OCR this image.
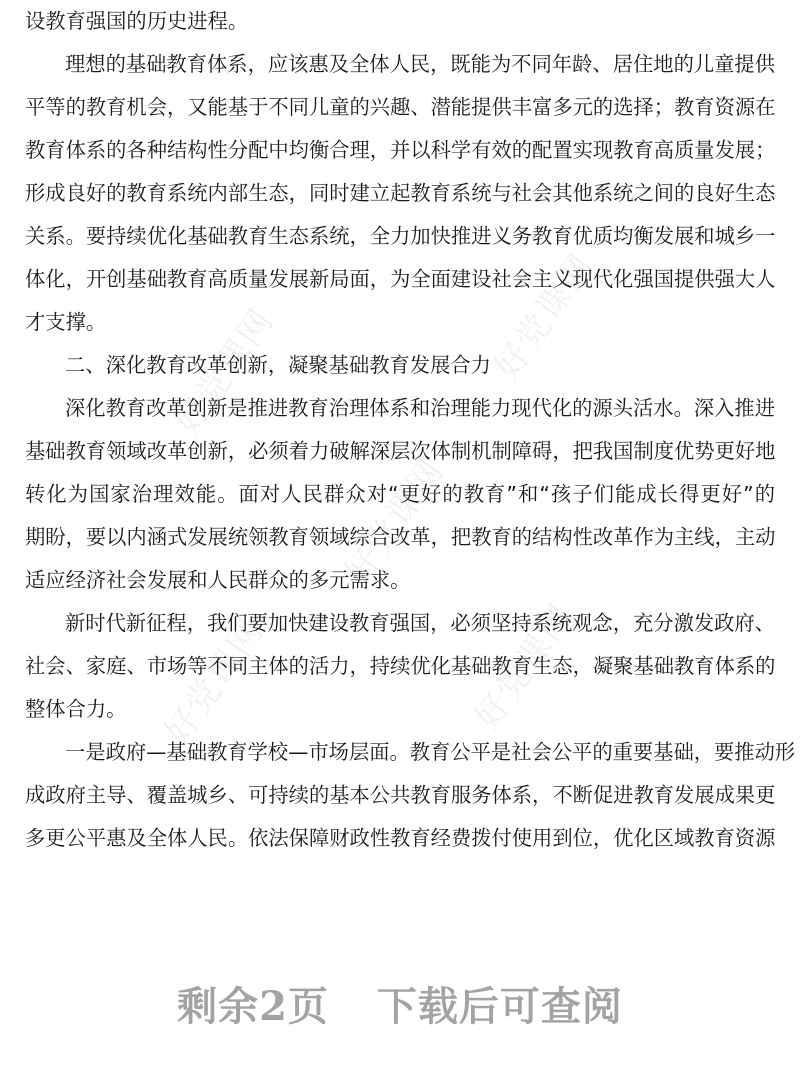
设教育强国的历史进程。
理想的基础教育体系，应该惠及全体人民，既能为不同年龄、居住地的儿童提供
平等的教育机会，又能基于不同儿童的兴趣、潜能提供丰富多元的选择；教育资源在
教育体系的各种结构性分配中均衡合理，并以科学有效的配置实现教育高质量发展；
形成良好的教育系统内部生态，同时建立起教育系统与社会其他系统之间的良好生态
关系。要持续优化基础教育生态系统，全力加快推进义务教育优质均衡发展和城乡一
体化，开创基础教育高质量发展新局面，为全面建设社会主义现代化强国提供强大人
才支撑。
二、深化教育改革创新，凝聚基础教育发展合力
深化教育改革创新是推进教育治理体系和治理能力现代化的源头活水。深入推进
基础教育领域改革创新，必须着力破解深层次体制机制障碍，把我国制度优势更好地
转化为国家治理效能。面对人民群众对“更好的教育”和“孩子们能成长得更好”的
期盼，要以内涵式发展统领教育领域综合改革，把教育的结构性改革作为主线，主动
适应经济社会发展和人民群众的多元需求。
新时代新征程，我们要加快建设教育强国，必须坚持系统观念，充分激发政府、
社会、家庭、市场等不同主体的活力，持续优化基础教育生态，凝聚基础教育体系的
整体合力。
一是政府—基础教育学校—市场层面。教育公平是社会公平的重要基础，要推动形
成政府主导、覆盖城乡、可持续的基本公共教育服务体系，不断促进教育发展成果更
多更公平惠及全体人民。依法保障财政性教育经费拨付使用到位，优化区域教育资源
好党课网	好党课网
好党课网
好党课网	好党课网
剩余2页 下载后可查阅
